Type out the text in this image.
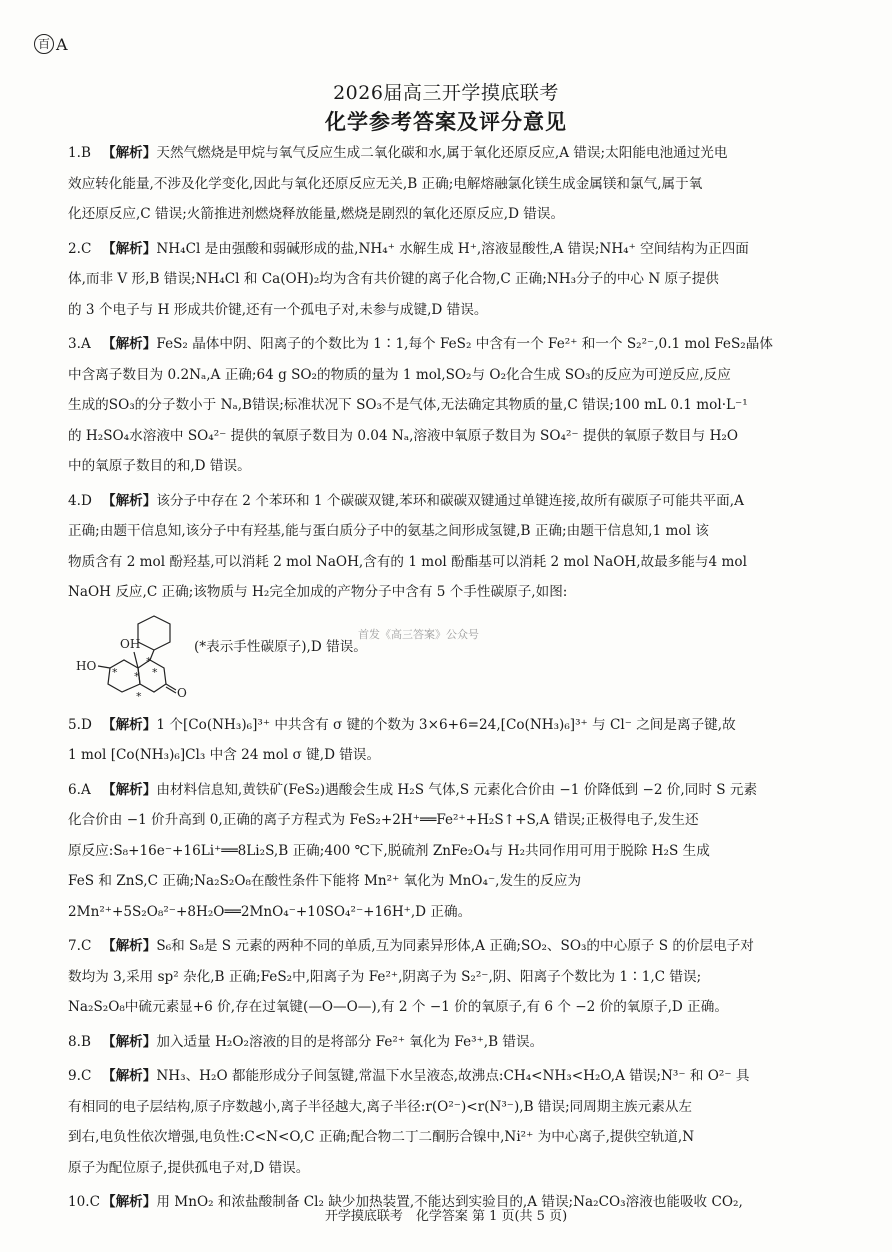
百 A
2026届高三开学摸底联考
化学参考答案及评分意见

1.B 【解析】天然气燃烧是甲烷与氧气反应生成二氧化碳和水,属于氧化还原反应,A 错误;太阳能电池通过光电

效应转化能量,不涉及化学变化,因此与氧化还原反应无关,B 正确;电解熔融氯化镁生成金属镁和氯气,属于氧

化还原反应,C 错误;火箭推进剂燃烧释放能量,燃烧是剧烈的氧化还原反应,D 错误。

2.C 【解析】NH₄Cl 是由强酸和弱碱形成的盐,NH₄⁺ 水解生成 H⁺,溶液显酸性,A 错误;NH₄⁺ 空间结构为正四面

体,而非 V 形,B 错误;NH₄Cl 和 Ca(OH)₂均为含有共价键的离子化合物,C 正确;NH₃分子的中心 N 原子提供

的 3 个电子与 H 形成共价键,还有一个孤电子对,未参与成键,D 错误。

3.A 【解析】FeS₂ 晶体中阴、阳离子的个数比为 1∶1,每个 FeS₂ 中含有一个 Fe²⁺ 和一个 S₂²⁻,0.1 mol FeS₂晶体

中含离子数目为 0.2Nₐ,A 正确;64 g SO₂的物质的量为 1 mol,SO₂与 O₂化合生成 SO₃的反应为可逆反应,反应

生成的SO₃的分子数小于 Nₐ,B错误;标准状况下 SO₃不是气体,无法确定其物质的量,C 错误;100 mL 0.1 mol·L⁻¹

的 H₂SO₄水溶液中 SO₄²⁻ 提供的氧原子数目为 0.04 Nₐ,溶液中氧原子数目为 SO₄²⁻ 提供的氧原子数目与 H₂O

中的氧原子数目的和,D 错误。

4.D 【解析】该分子中存在 2 个苯环和 1 个碳碳双键,苯环和碳碳双键通过单键连接,故所有碳原子可能共平面,A

正确;由题干信息知,该分子中有羟基,能与蛋白质分子中的氨基之间形成氢键,B 正确;由题干信息知,1 mol 该

物质含有 2 mol 酚羟基,可以消耗 2 mol NaOH,含有的 1 mol 酚酯基可以消耗 2 mol NaOH,故最多能与4 mol

NaOH 反应,C 正确;该物质与 H₂完全加成的产物分子中含有 5 个手性碳原子,如图:

OH
HO
O
*
*
*
*
*
(*表示手性碳原子),D 错误。
首发《高三答案》公众号

5.D 【解析】1 个[Co(NH₃)₆]³⁺ 中共含有 σ 键的个数为 3×6+6=24,[Co(NH₃)₆]³⁺ 与 Cl⁻ 之间是离子键,故

1 mol [Co(NH₃)₆]Cl₃ 中含 24 mol σ 键,D 错误。

6.A 【解析】由材料信息知,黄铁矿(FeS₂)遇酸会生成 H₂S 气体,S 元素化合价由 −1 价降低到 −2 价,同时 S 元素

化合价由 −1 价升高到 0,正确的离子方程式为 FeS₂+2H⁺══Fe²⁺+H₂S↑+S,A 错误;正极得电子,发生还

原反应:S₈+16e⁻+16Li⁺══8Li₂S,B 正确;400 ℃下,脱硫剂 ZnFe₂O₄与 H₂共同作用可用于脱除 H₂S 生成

FeS 和 ZnS,C 正确;Na₂S₂O₈在酸性条件下能将 Mn²⁺ 氧化为 MnO₄⁻,发生的反应为

2Mn²⁺+5S₂O₈²⁻+8H₂O══2MnO₄⁻+10SO₄²⁻+16H⁺,D 正确。

7.C 【解析】S₆和 S₈是 S 元素的两种不同的单质,互为同素异形体,A 正确;SO₂、SO₃的中心原子 S 的价层电子对

数均为 3,采用 sp² 杂化,B 正确;FeS₂中,阳离子为 Fe²⁺,阴离子为 S₂²⁻,阴、阳离子个数比为 1∶1,C 错误;

Na₂S₂O₈中硫元素显+6 价,存在过氧键(—O—O—),有 2 个 −1 价的氧原子,有 6 个 −2 价的氧原子,D 正确。

8.B 【解析】加入适量 H₂O₂溶液的目的是将部分 Fe²⁺ 氧化为 Fe³⁺,B 错误。

9.C 【解析】NH₃、H₂O 都能形成分子间氢键,常温下水呈液态,故沸点:CH₄<NH₃<H₂O,A 错误;N³⁻ 和 O²⁻ 具

有相同的电子层结构,原子序数越小,离子半径越大,离子半径:r(O²⁻)<r(N³⁻),B 错误;同周期主族元素从左

到右,电负性依次增强,电负性:C<N<O,C 正确;配合物二丁二酮肟合镍中,Ni²⁺ 为中心离子,提供空轨道,N

原子为配位原子,提供孤电子对,D 错误。

10.C 【解析】用 MnO₂ 和浓盐酸制备 Cl₂ 缺少加热装置,不能达到实验目的,A 错误;Na₂CO₃溶液也能吸收 CO₂,

开学摸底联考　化学答案 第 1 页(共 5 页)
